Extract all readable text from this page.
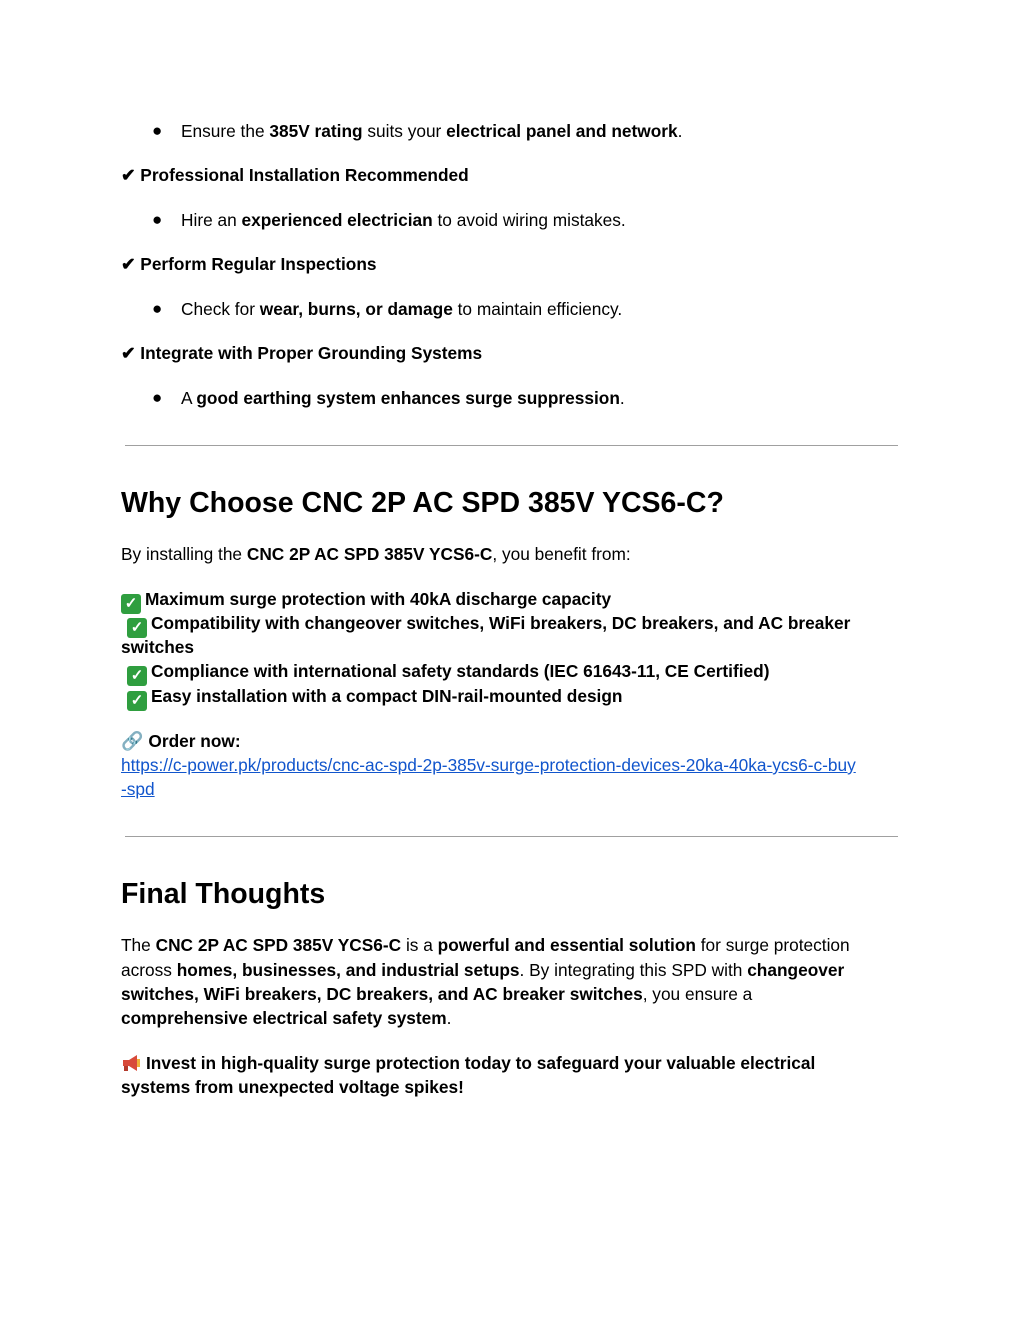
● Ensure the 385V rating suits your electrical panel and network.
✔ Professional Installation Recommended
● Hire an experienced electrician to avoid wiring mistakes.
✔ Perform Regular Inspections
● Check for wear, burns, or damage to maintain efficiency.
✔ Integrate with Proper Grounding Systems
● A good earthing system enhances surge suppression.
Why Choose CNC 2P AC SPD 385V YCS6-C?
By installing the CNC 2P AC SPD 385V YCS6-C, you benefit from:
✓ Maximum surge protection with 40kA discharge capacity
✓ Compatibility with changeover switches, WiFi breakers, DC breakers, and AC breaker
switches
✓ Compliance with international safety standards (IEC 61643-11, CE Certified)
✓ Easy installation with a compact DIN-rail-mounted design
🔗 Order now:
https://c-power.pk/products/cnc-ac-spd-2p-385v-surge-protection-devices-20ka-40ka-ycs6-c-buy
-spd
Final Thoughts
The CNC 2P AC SPD 385V YCS6-C is a powerful and essential solution for surge protection
across homes, businesses, and industrial setups. By integrating this SPD with changeover
switches, WiFi breakers, DC breakers, and AC breaker switches, you ensure a
comprehensive electrical safety system.
Invest in high-quality surge protection today to safeguard your valuable electrical
systems from unexpected voltage spikes!
